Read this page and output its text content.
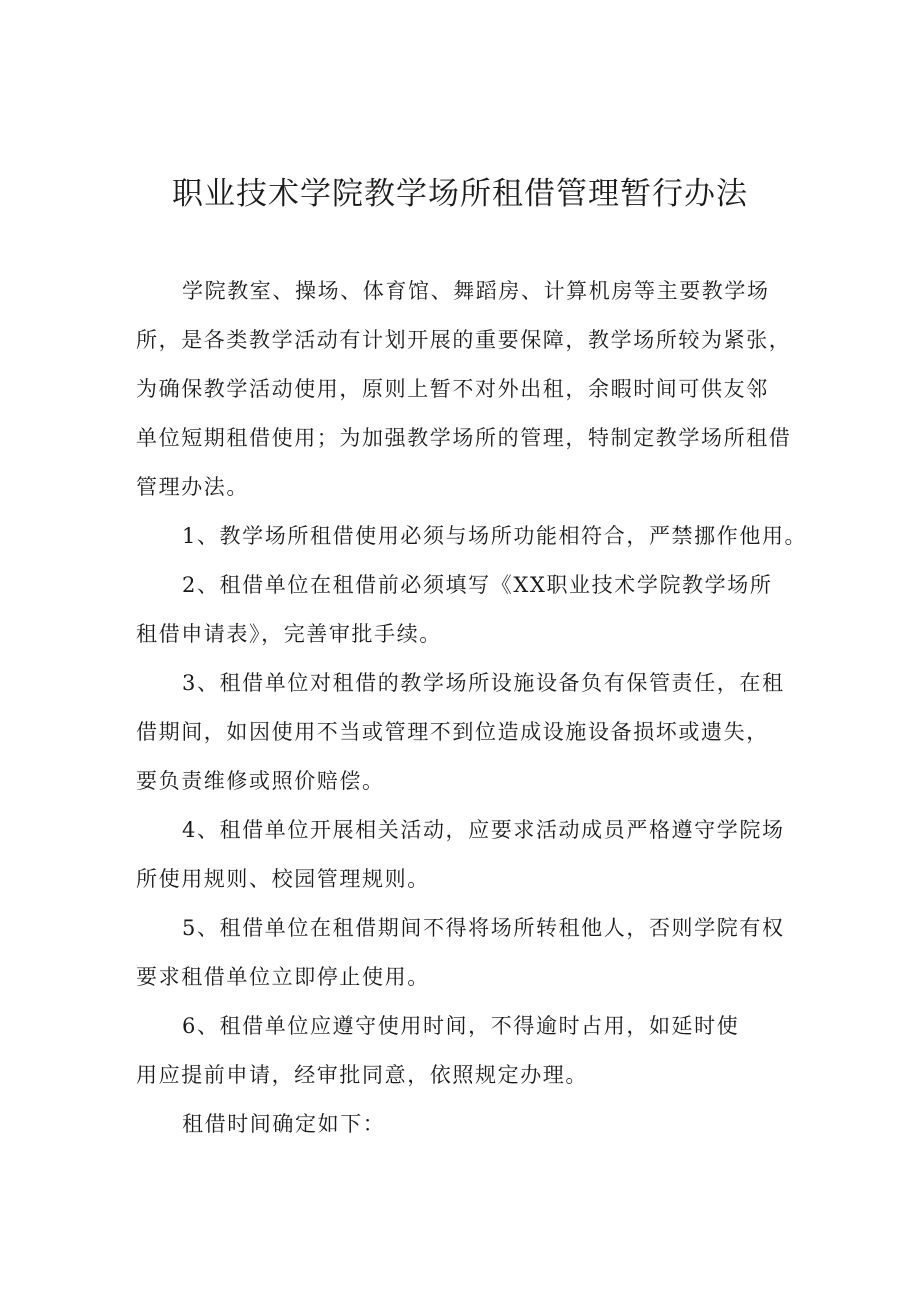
职业技术学院教学场所租借管理暂行办法

学院教室、操场、体育馆、舞蹈房、计算机房等主要教学场

所，是各类教学活动有计划开展的重要保障，教学场所较为紧张，

为确保教学活动使用，原则上暂不对外出租，余暇时间可供友邻

单位短期租借使用；为加强教学场所的管理，特制定教学场所租借

管理办法。

1、教学场所租借使用必须与场所功能相符合，严禁挪作他用。

2、租借单位在租借前必须填写《XX职业技术学院教学场所

租借申请表》，完善审批手续。

3、租借单位对租借的教学场所设施设备负有保管责任，在租

借期间，如因使用不当或管理不到位造成设施设备损坏或遗失，

要负责维修或照价赔偿。

4、租借单位开展相关活动，应要求活动成员严格遵守学院场

所使用规则、校园管理规则。

5、租借单位在租借期间不得将场所转租他人，否则学院有权

要求租借单位立即停止使用。

6、租借单位应遵守使用时间，不得逾时占用，如延时使

用应提前申请，经审批同意，依照规定办理。

租借时间确定如下：
